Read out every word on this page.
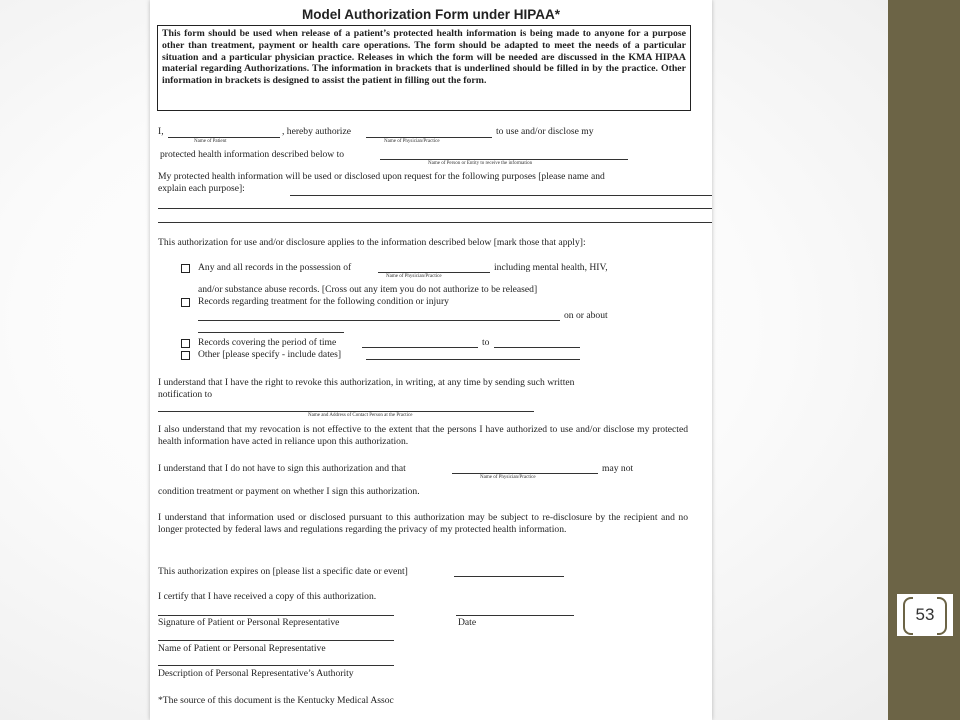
Model Authorization Form under HIPAA*
This form should be used when release of a patient’s protected health information is being made to anyone for a purpose other than treatment, payment or health care operations. The form should be adapted to meet the needs of a particular situation and a particular physician practice. Releases in which the form will be needed are discussed in the KMA HIPAA material regarding Authorizations. The information in brackets that is underlined should be filled in by the practice. Other information in brackets is designed to assist the patient in filling out the form.
I,
Name of Patient
, hereby authorize
Name of Physician/Practice
to use and/or disclose my
protected health information described below to
Name of Person or Entity to receive the information
My protected health information will be used or disclosed upon request for the following purposes [please name and
explain each purpose]:
This authorization for use and/or disclosure applies to the information described below [mark those that apply]:
Any and all records in the possession of
Name of Physician/Practice
including mental health, HIV,
and/or substance abuse records. [Cross out any item you do not authorize to be released]
Records regarding treatment for the following condition or injury
on or about
Records covering the period of time	to
Other [please specify - include dates]
I understand that I have the right to revoke this authorization, in writing, at any time by sending such written
notification to
Name and Address of Contact Person at the Practice
I also understand that my revocation is not effective to the extent that the persons I have authorized to use and/or disclose my protected health information have acted in reliance upon this authorization.
I understand that I do not have to sign this authorization and that
Name of Physician/Practice
may not
condition treatment or payment on whether I sign this authorization.
I understand that information used or disclosed pursuant to this authorization may be subject to re-disclosure by the recipient and no longer protected by federal laws and regulations regarding the privacy of my protected health information.
This authorization expires on [please list a specific date or event]
I certify that I have received a copy of this authorization.
Signature of Patient or Personal Representative	Date
Name of Patient or Personal Representative
Description of Personal Representative’s Authority
*The source of this document is the Kentucky Medical Assoc
53
